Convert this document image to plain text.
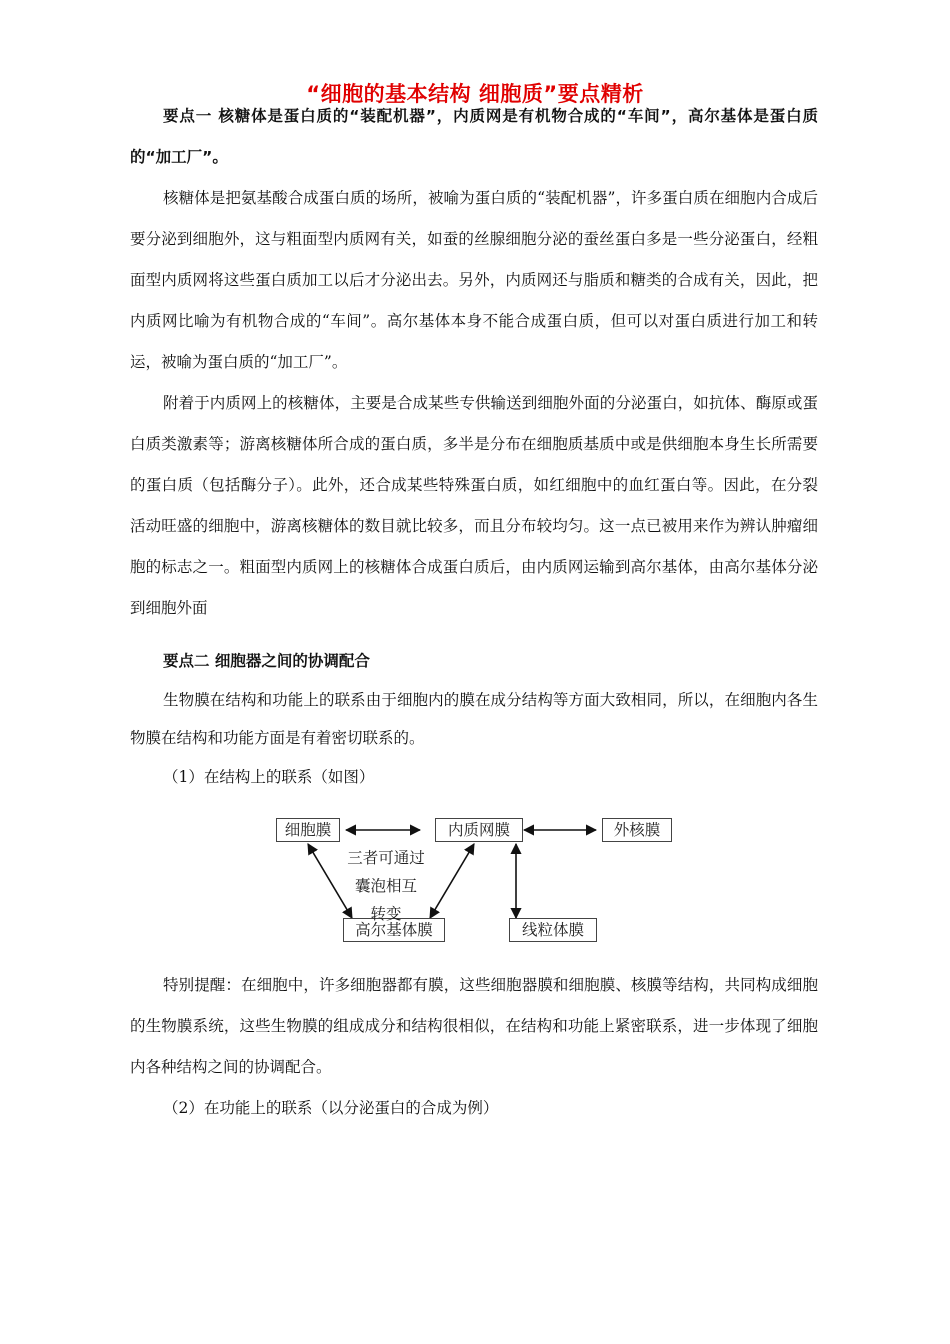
“细胞的基本结构 细胞质”要点精析

要点一 核糖体是蛋白质的“装配机器”，内质网是有机物合成的“车间”，高尔基体是蛋白质的“加工厂”。

核糖体是把氨基酸合成蛋白质的场所，被喻为蛋白质的“装配机器”，许多蛋白质在细胞内合成后要分泌到细胞外，这与粗面型内质网有关，如蚕的丝腺细胞分泌的蚕丝蛋白多是一些分泌蛋白，经粗面型内质网将这些蛋白质加工以后才分泌出去。另外，内质网还与脂质和糖类的合成有关，因此，把内质网比喻为有机物合成的“车间”。高尔基体本身不能合成蛋白质，但可以对蛋白质进行加工和转运，被喻为蛋白质的“加工厂”。

附着于内质网上的核糖体，主要是合成某些专供输送到细胞外面的分泌蛋白，如抗体、酶原或蛋白质类激素等；游离核糖体所合成的蛋白质，多半是分布在细胞质基质中或是供细胞本身生长所需要的蛋白质（包括酶分子）。此外，还合成某些特殊蛋白质，如红细胞中的血红蛋白等。因此，在分裂活动旺盛的细胞中，游离核糖体的数目就比较多，而且分布较均匀。这一点已被用来作为辨认肿瘤细胞的标志之一。粗面型内质网上的核糖体合成蛋白质后，由内质网运输到高尔基体，由高尔基体分泌到细胞外面

要点二 细胞器之间的协调配合

生物膜在结构和功能上的联系由于细胞内的膜在成分结构等方面大致相同，所以，在细胞内各生物膜在结构和功能方面是有着密切联系的。

（1）在结构上的联系（如图）

细胞膜	内质网膜	外核膜
高尔基体膜	线粒体膜
三者可通过
囊泡相互
转变

特别提醒：在细胞中，许多细胞器都有膜，这些细胞器膜和细胞膜、核膜等结构，共同构成细胞的生物膜系统，这些生物膜的组成成分和结构很相似，在结构和功能上紧密联系，进一步体现了细胞内各种结构之间的协调配合。

（2）在功能上的联系（以分泌蛋白的合成为例）
